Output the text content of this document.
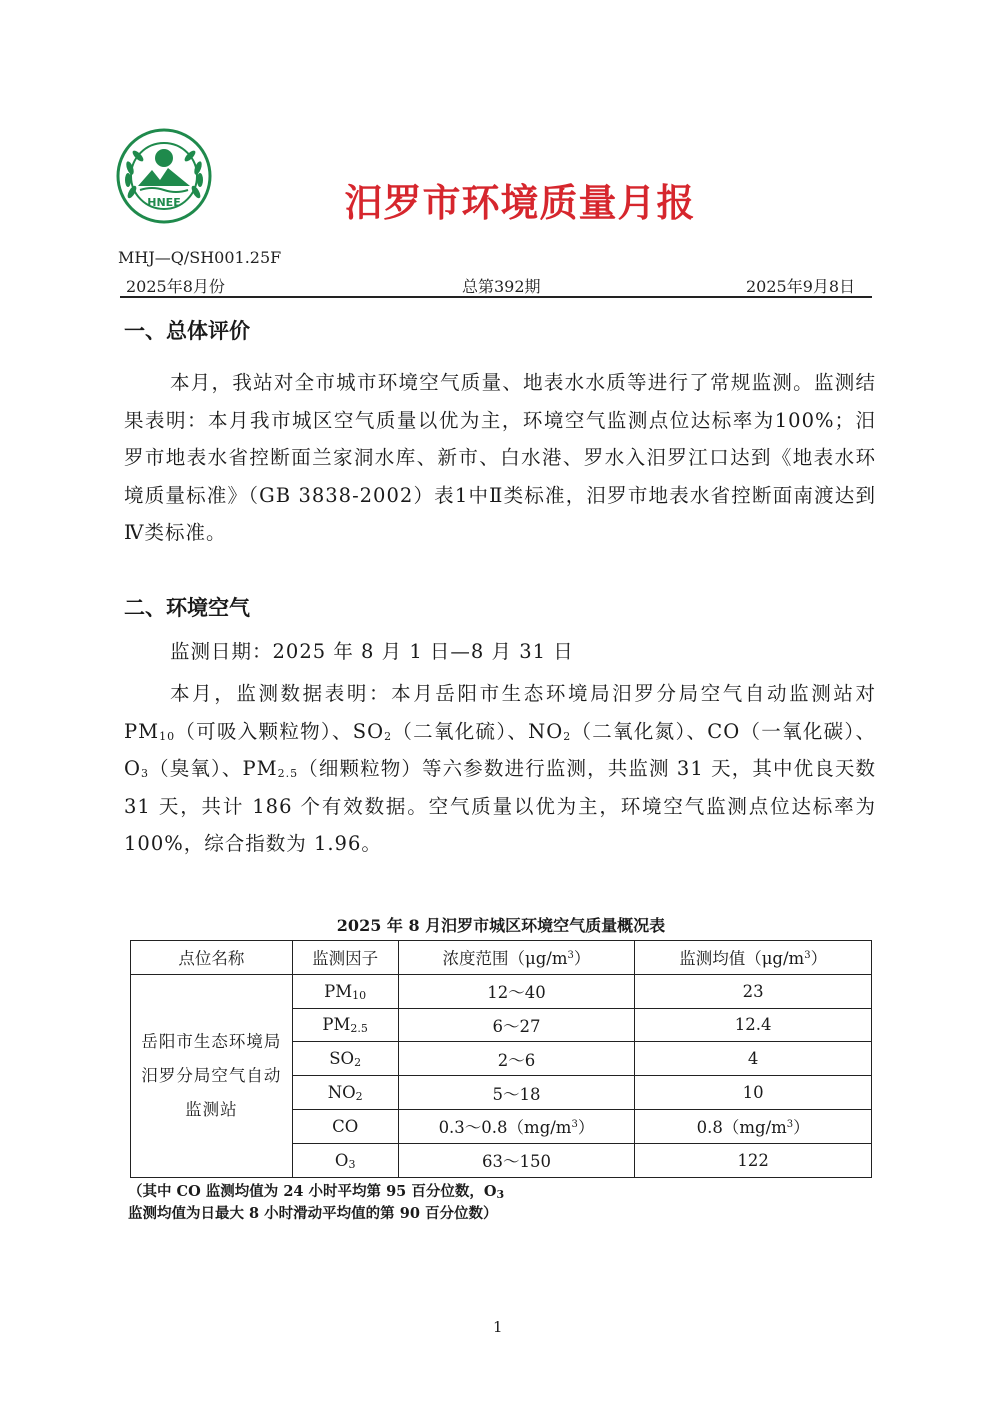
HNEE	汨罗市环境质量月报
MHJ—Q/SH001.25F
2025年8月份	总第392期	2025年9月8日
一、总体评价
本月，我站对全市城市环境空气质量、地表水水质等进行了常规监测。监测结果表明：本月我市城区空气质量以优为主，环境空气监测点位达标率为100%；汨罗市地表水省控断面兰家洞水库、新市、白水港、罗水入汨罗江口达到《地表水环境质量标准》（GB 3838-2002）表1中Ⅱ类标准，汨罗市地表水省控断面南渡达到Ⅳ类标准。
二、环境空气
监测日期：2025 年 8 月 1 日—8 月 31 日
本月，监测数据表明：本月岳阳市生态环境局汨罗分局空气自动监测站对 $PM_{10}$（可吸入颗粒物）、$SO_2$（二氧化硫）、$NO_2$（二氧化氮）、CO（一氧化碳）、$O_3$（臭氧）、$PM_{2.5}$（细颗粒物）等六参数进行监测，共监测 31 天，其中优良天数 31 天，共计 186 个有效数据。空气质量以优为主，环境空气监测点位达标率为 100%，综合指数为 1.96。
2025 年 8 月汨罗市城区环境空气质量概况表
点位名称	监测因子	浓度范围$(\mu g/m^3)$	监测均值$(\mu g/m^3)$
岳阳市生态环境局汨罗分局空气自动监测站	$PM_{10}$	12～40	23
	$PM_{2.5}$	6～27	12.4
	$SO_2$	2～6	4
	$NO_2$	5～18	10
	CO	$0.3\sim 0.8(mg/m^3)$	$0.8(mg/m^3)$
	$O_3$	63～150	122
（其中 CO 监测均值为 24 小时平均第 95 百分位数，$O_3$ 监测均值为日最大 8 小时滑动平均值的第 90 百分位数）
1
